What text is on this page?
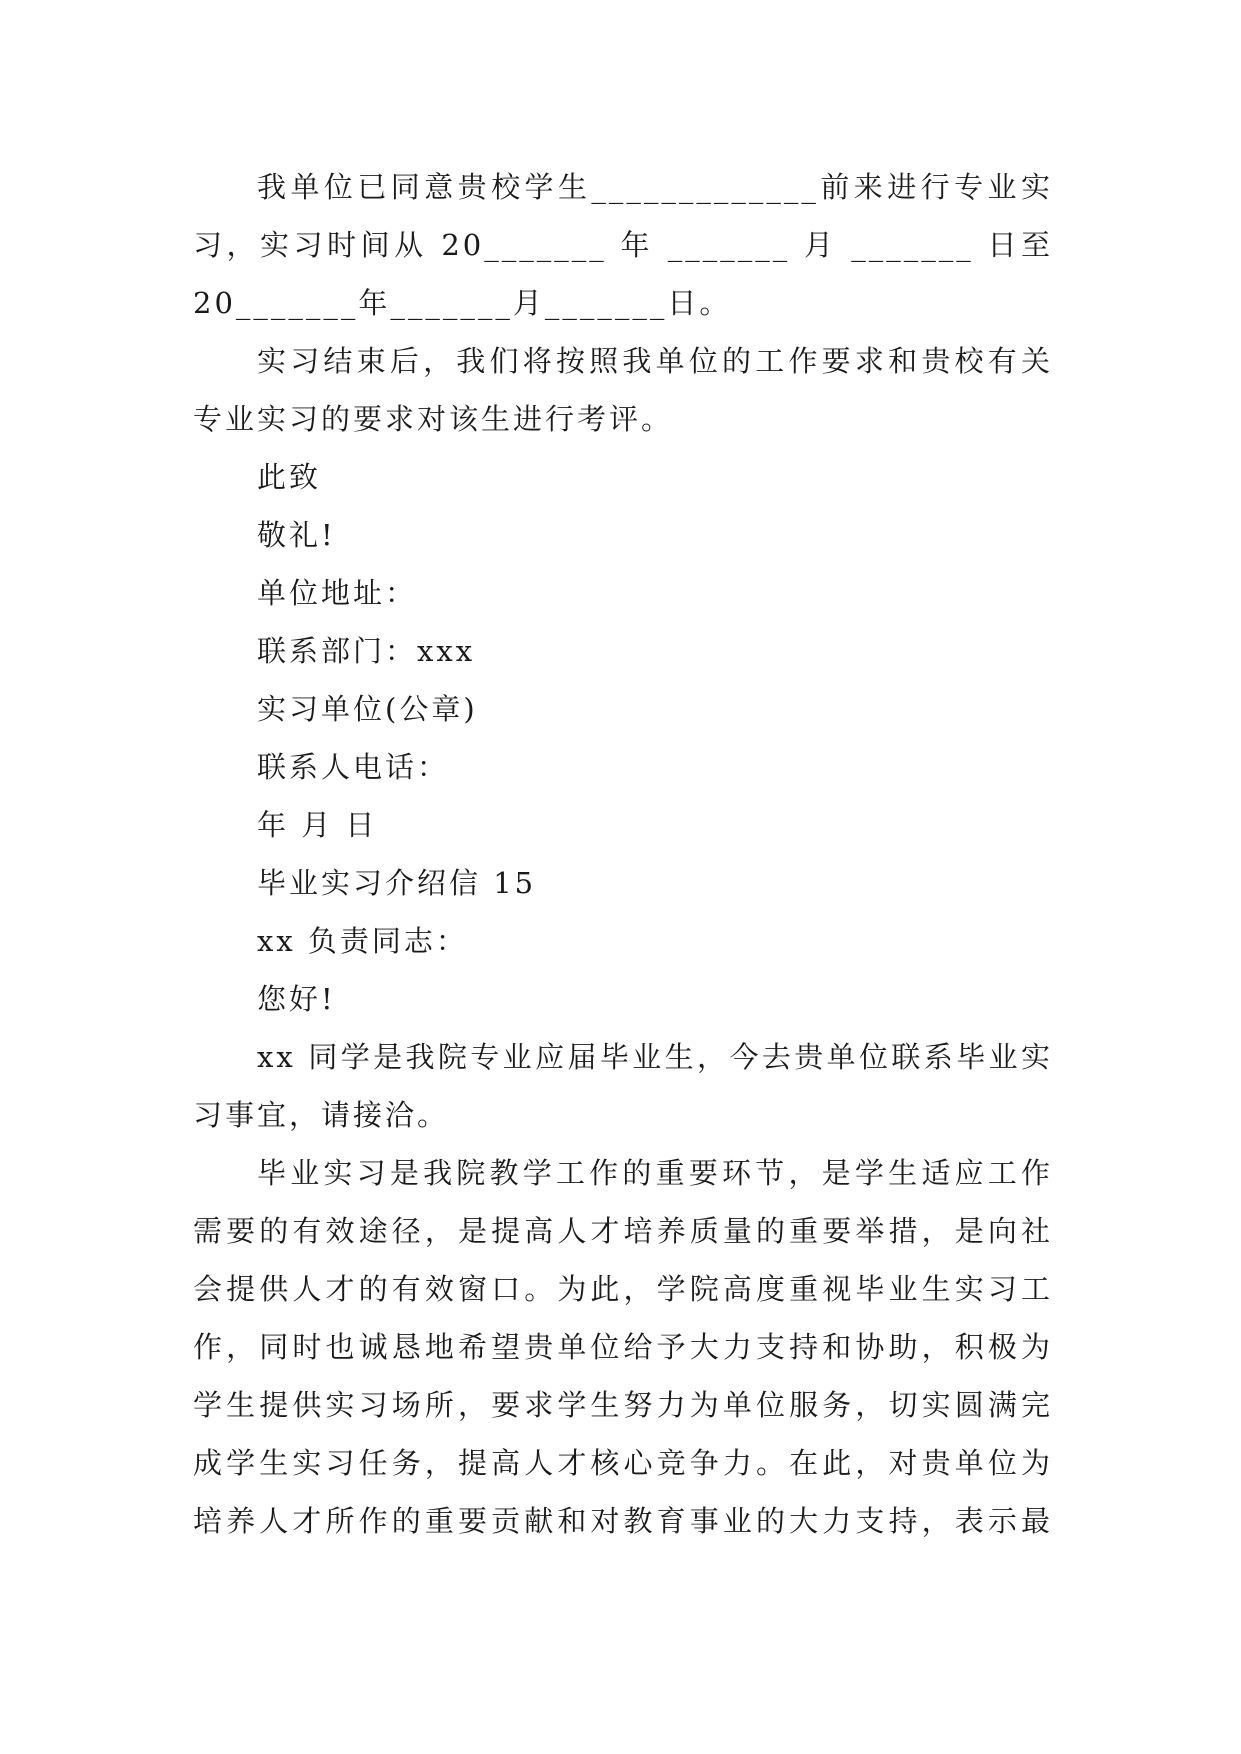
我单位已同意贵校学生_____________前来进行专业实
习，实习时间从 20_______ 年 _______ 月 _______ 日至
20_______年_______月_______日。
实习结束后，我们将按照我单位的工作要求和贵校有关
专业实习的要求对该生进行考评。
此致
敬礼!
单位地址：
联系部门：xxx
实习单位(公章)
联系人电话：
年 月 日
毕业实习介绍信 15
xx 负责同志：
您好!
xx 同学是我院专业应届毕业生，今去贵单位联系毕业实
习事宜，请接洽。
毕业实习是我院教学工作的重要环节，是学生适应工作
需要的有效途径，是提高人才培养质量的重要举措，是向社
会提供人才的有效窗口。为此，学院高度重视毕业生实习工
作，同时也诚恳地希望贵单位给予大力支持和协助，积极为
学生提供实习场所，要求学生努力为单位服务，切实圆满完
成学生实习任务，提高人才核心竞争力。在此，对贵单位为
培养人才所作的重要贡献和对教育事业的大力支持，表示最
